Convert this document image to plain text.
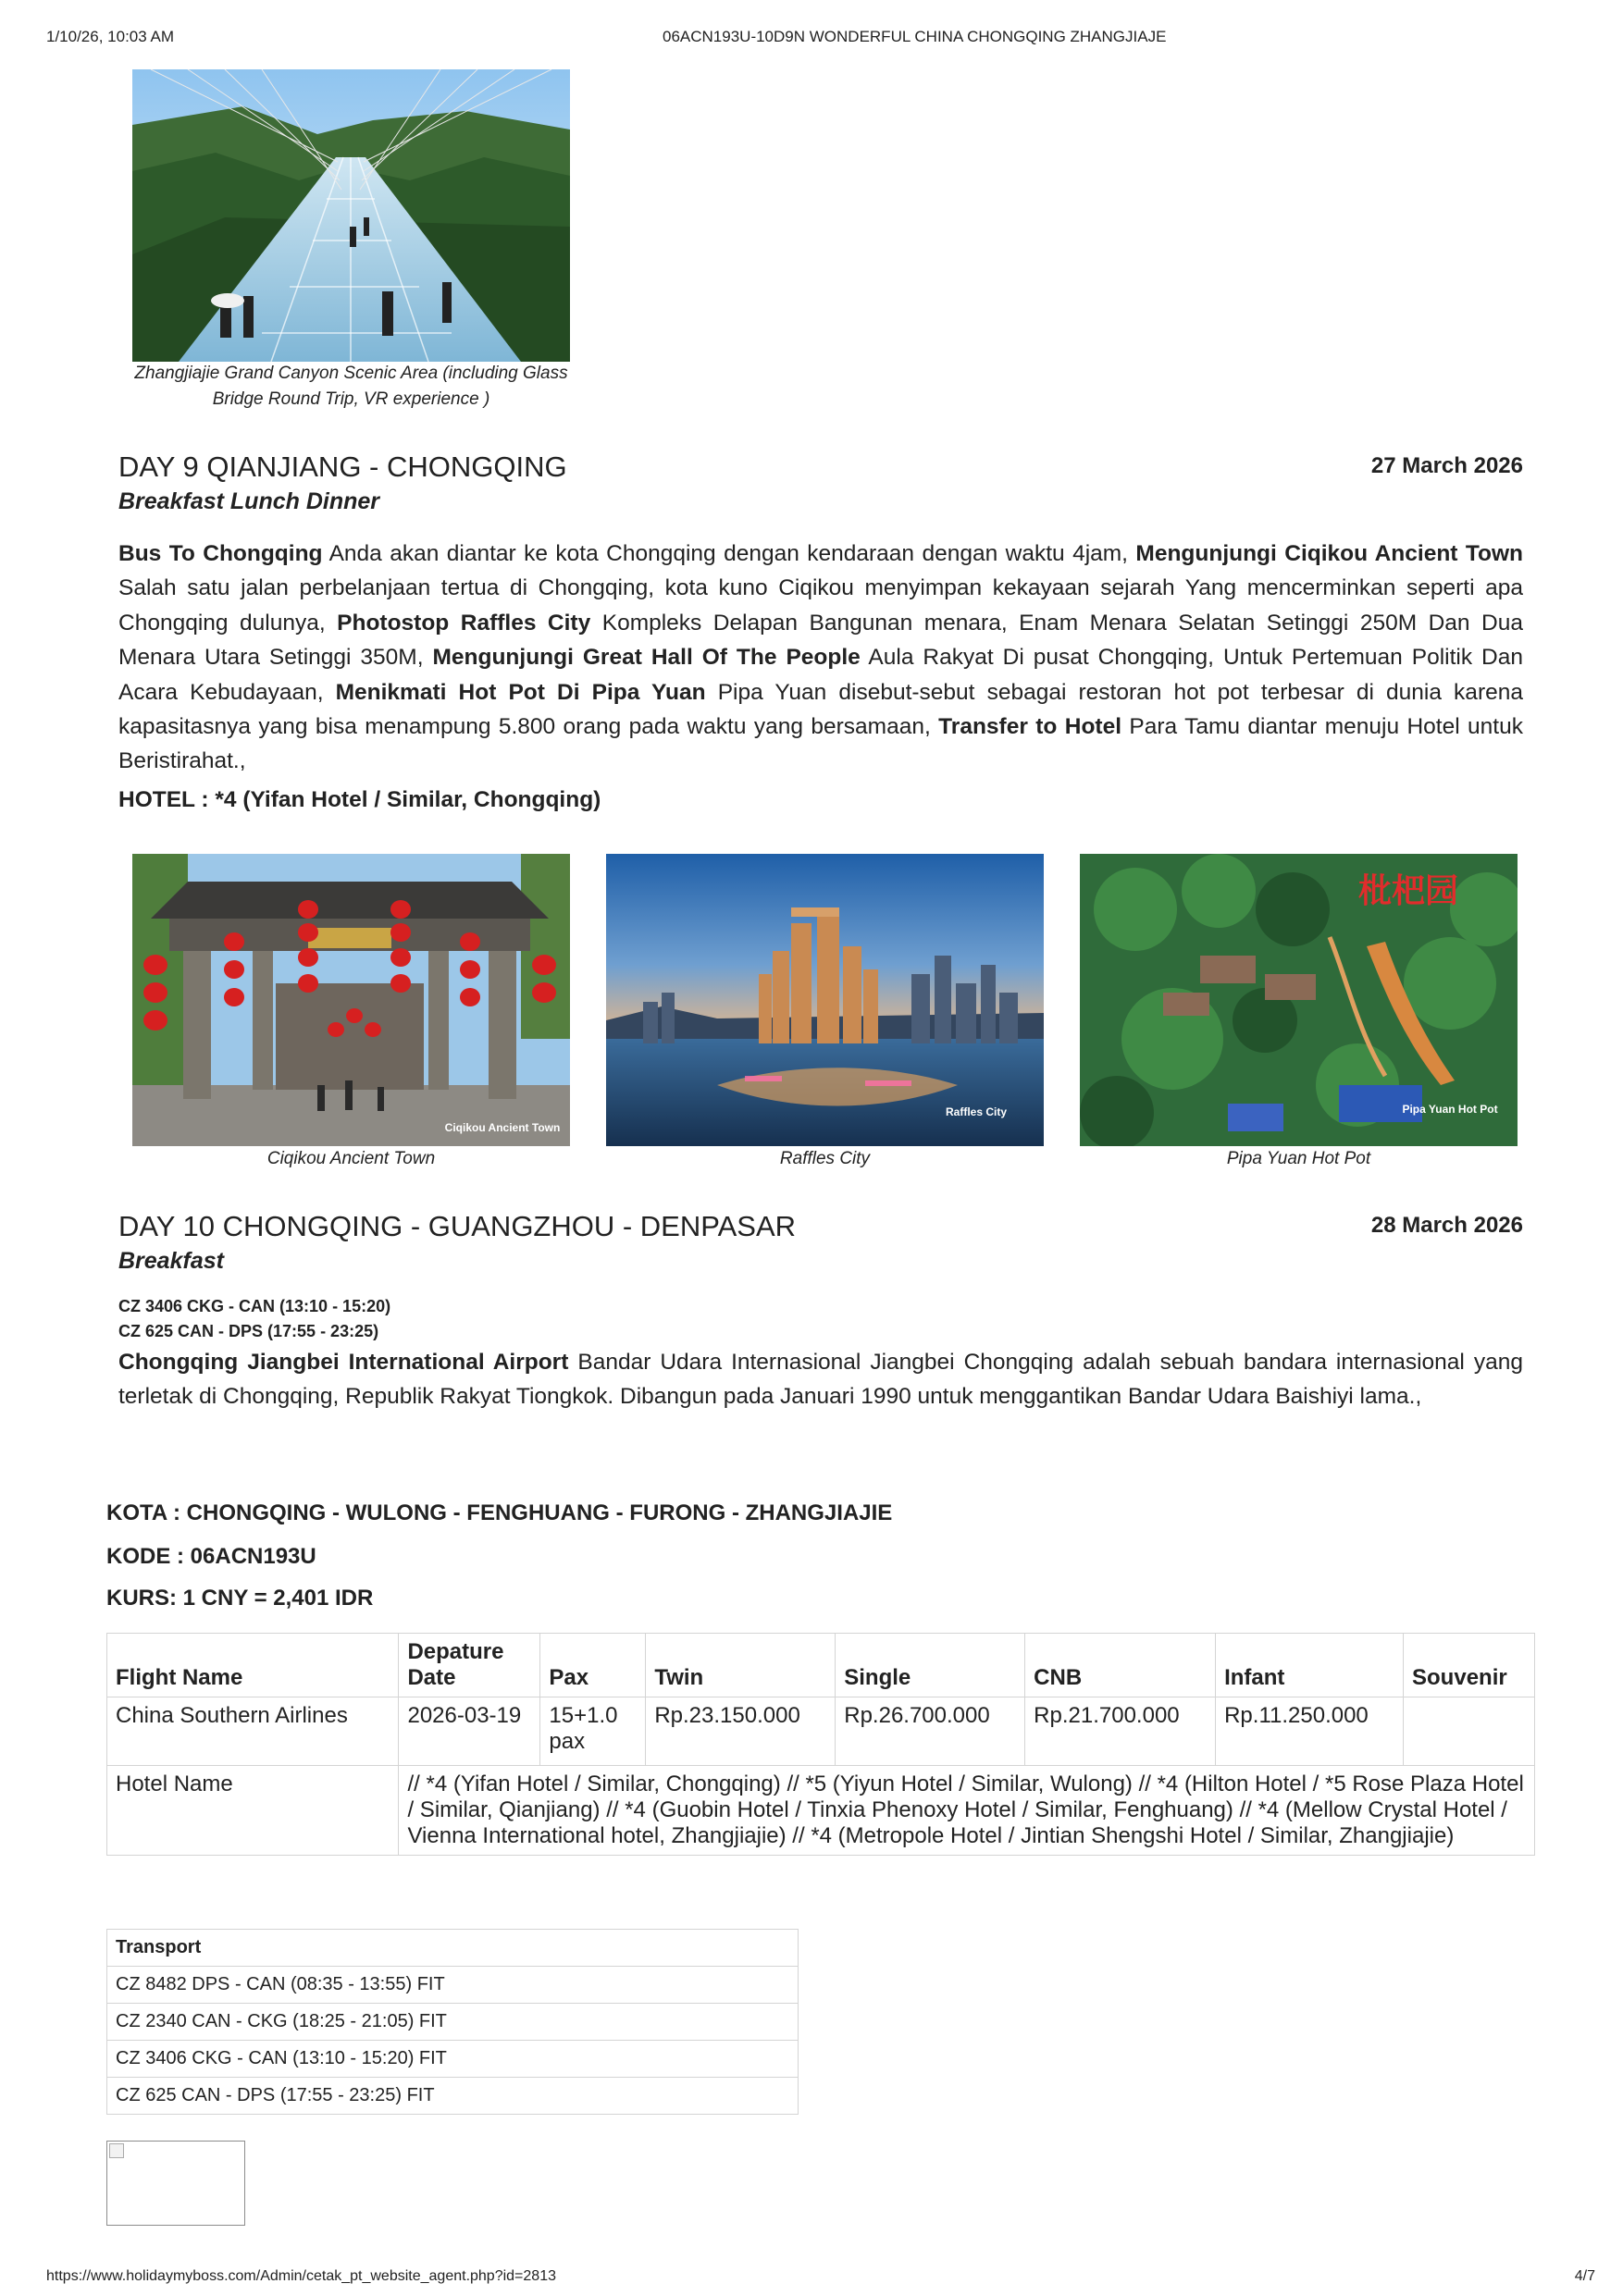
1/10/26, 10:03 AM	06ACN193U-10D9N WONDERFUL CHINA CHONGQING ZHANGJIAJE
Zhangjiajie Grand Canyon Scenic Area (including Glass Bridge Round Trip, VR experience )
DAY 9 QIANJIANG - CHONGQING	27 March 2026
Breakfast Lunch Dinner
Bus To Chongqing Anda akan diantar ke kota Chongqing dengan kendaraan dengan waktu 4jam, Mengunjungi Ciqikou Ancient Town Salah satu jalan perbelanjaan tertua di Chongqing, kota kuno Ciqikou menyimpan kekayaan sejarah Yang mencerminkan seperti apa Chongqing dulunya, Photostop Raffles City Kompleks Delapan Bangunan menara, Enam Menara Selatan Setinggi 250M Dan Dua Menara Utara Setinggi 350M, Mengunjungi Great Hall Of The People Aula Rakyat Di pusat Chongqing, Untuk Pertemuan Politik Dan Acara Kebudayaan, Menikmati Hot Pot Di Pipa Yuan Pipa Yuan disebut-sebut sebagai restoran hot pot terbesar di dunia karena kapasitasnya yang bisa menampung 5.800 orang pada waktu yang bersamaan, Transfer to Hotel Para Tamu diantar menuju Hotel untuk Beristirahat.,
HOTEL : *4 (Yifan Hotel / Similar, Chongqing)
Ciqikou Ancient Town
Ciqikou Ancient Town
Raffles City
Raffles City
枇杷园
Pipa Yuan Hot Pot
Pipa Yuan Hot Pot
DAY 10 CHONGQING - GUANGZHOU - DENPASAR	28 March 2026
Breakfast
CZ 3406 CKG - CAN (13:10 - 15:20)
CZ 625 CAN - DPS (17:55 - 23:25)
Chongqing Jiangbei International Airport Bandar Udara Internasional Jiangbei Chongqing adalah sebuah bandara internasional yang terletak di Chongqing, Republik Rakyat Tiongkok. Dibangun pada Januari 1990 untuk menggantikan Bandar Udara Baishiyi lama.,
KOTA : CHONGQING - WULONG - FENGHUANG - FURONG - ZHANGJIAJIE
KODE : 06ACN193U
KURS: 1 CNY = 2,401 IDR
Flight Name	Depature Date	Pax	Twin	Single	CNB	Infant	Souvenir
China Southern Airlines	2026-03-19	15+1.0 pax	Rp.23.150.000	Rp.26.700.000	Rp.21.700.000	Rp.11.250.000	
Hotel Name	// *4 (Yifan Hotel / Similar, Chongqing) // *5 (Yiyun Hotel / Similar, Wulong) // *4 (Hilton Hotel / *5 Rose Plaza Hotel / Similar, Qianjiang) // *4 (Guobin Hotel / Tinxia Phenoxy Hotel / Similar, Fenghuang) // *4 (Mellow Crystal Hotel / Vienna International hotel, Zhangjiajie) // *4 (Metropole Hotel / Jintian Shengshi Hotel / Similar, Zhangjiajie)						
Transport
CZ 8482 DPS - CAN (08:35 - 13:55) FIT
CZ 2340 CAN - CKG (18:25 - 21:05) FIT
CZ 3406 CKG - CAN (13:10 - 15:20) FIT
CZ 625 CAN - DPS (17:55 - 23:25) FIT
https://www.holidaymyboss.com/Admin/cetak_pt_website_agent.php?id=2813	4/7
